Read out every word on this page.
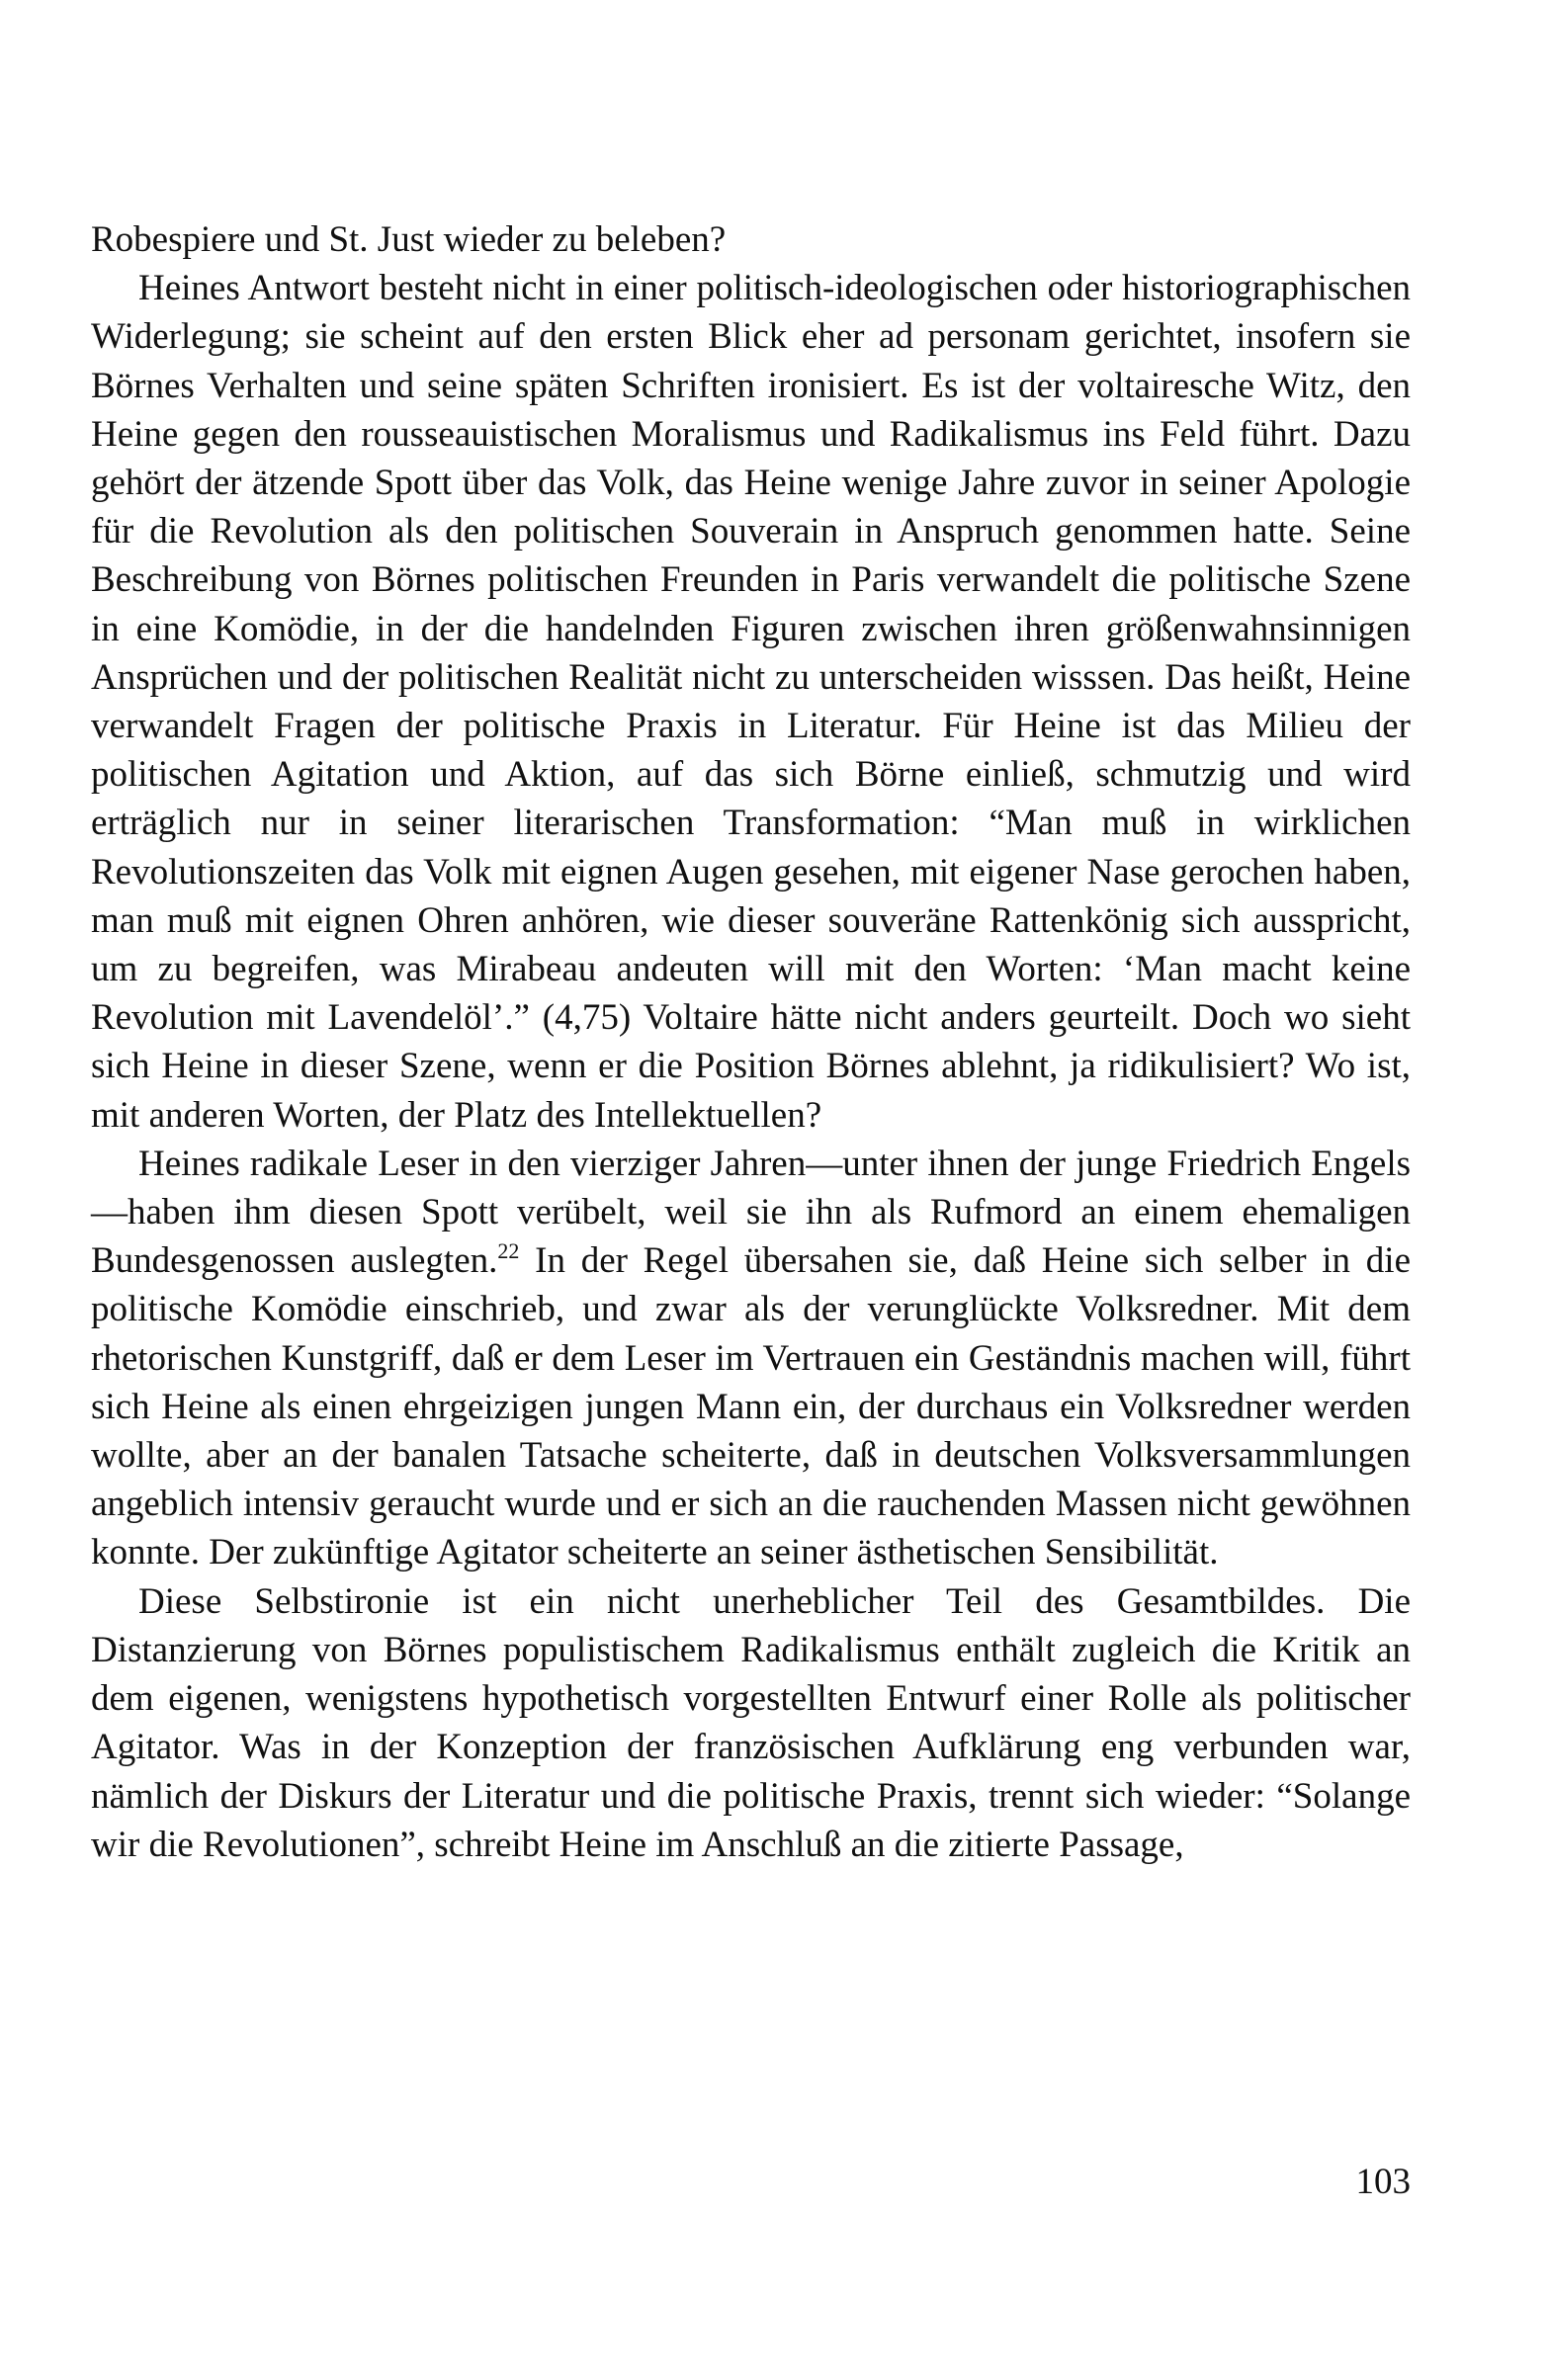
Robespiere und St. Just wieder zu beleben?

Heines Antwort besteht nicht in einer politisch-ideologischen oder historiographischen Widerlegung; sie scheint auf den ersten Blick eher ad personam gerichtet, insofern sie Börnes Verhalten und seine späten Schriften ironisiert. Es ist der voltairesche Witz, den Heine gegen den rousseauistischen Moralismus und Radikalismus ins Feld führt. Dazu gehört der ätzende Spott über das Volk, das Heine wenige Jahre zuvor in seiner Apologie für die Revolution als den politischen Souverain in Anspruch genommen hatte. Seine Beschreibung von Börnes politischen Freunden in Paris verwandelt die politische Szene in eine Komödie, in der die handelnden Figuren zwischen ihren größenwahnsinnigen Ansprüchen und der politischen Realität nicht zu unterscheiden wisssen. Das heißt, Heine verwandelt Fragen der politische Praxis in Literatur. Für Heine ist das Milieu der politischen Agitation und Aktion, auf das sich Börne einließ, schmutzig und wird erträglich nur in seiner literarischen Transformation: “Man muß in wirklichen Revolutionszeiten das Volk mit eignen Augen gesehen, mit eigener Nase gerochen haben, man muß mit eignen Ohren anhören, wie dieser souveräne Rattenkönig sich ausspricht, um zu begreifen, was Mirabeau andeuten will mit den Worten: ‘Man macht keine Revolution mit Lavendelöl’.” (4,75) Voltaire hätte nicht anders geurteilt. Doch wo sieht sich Heine in dieser Szene, wenn er die Position Börnes ablehnt, ja ridikulisiert? Wo ist, mit anderen Worten, der Platz des Intellektuellen?

Heines radikale Leser in den vierziger Jahren—unter ihnen der junge Friedrich Engels—haben ihm diesen Spott verübelt, weil sie ihn als Rufmord an einem ehemaligen Bundesgenossen auslegten.$^{22}$ In der Regel übersahen sie, daß Heine sich selber in die politische Komödie einschrieb, und zwar als der verunglückte Volksredner. Mit dem rhetorischen Kunstgriff, daß er dem Leser im Vertrauen ein Geständnis machen will, führt sich Heine als einen ehrgeizigen jungen Mann ein, der durchaus ein Volksredner werden wollte, aber an der banalen Tatsache scheiterte, daß in deutschen Volksversammlungen angeblich intensiv geraucht wurde und er sich an die rauchenden Massen nicht gewöhnen konnte. Der zukünftige Agitator scheiterte an seiner ästhetischen Sensibilität.

Diese Selbstironie ist ein nicht unerheblicher Teil des Gesamtbildes. Die Distanzierung von Börnes populistischem Radikalismus enthält zugleich die Kritik an dem eigenen, wenigstens hypothetisch vorgestellten Entwurf einer Rolle als politischer Agitator. Was in der Konzeption der französischen Aufklärung eng verbunden war, nämlich der Diskurs der Literatur und die politische Praxis, trennt sich wieder: “Solange wir die Revolutionen”, schreibt Heine im Anschluß an die zitierte Passage,

103
